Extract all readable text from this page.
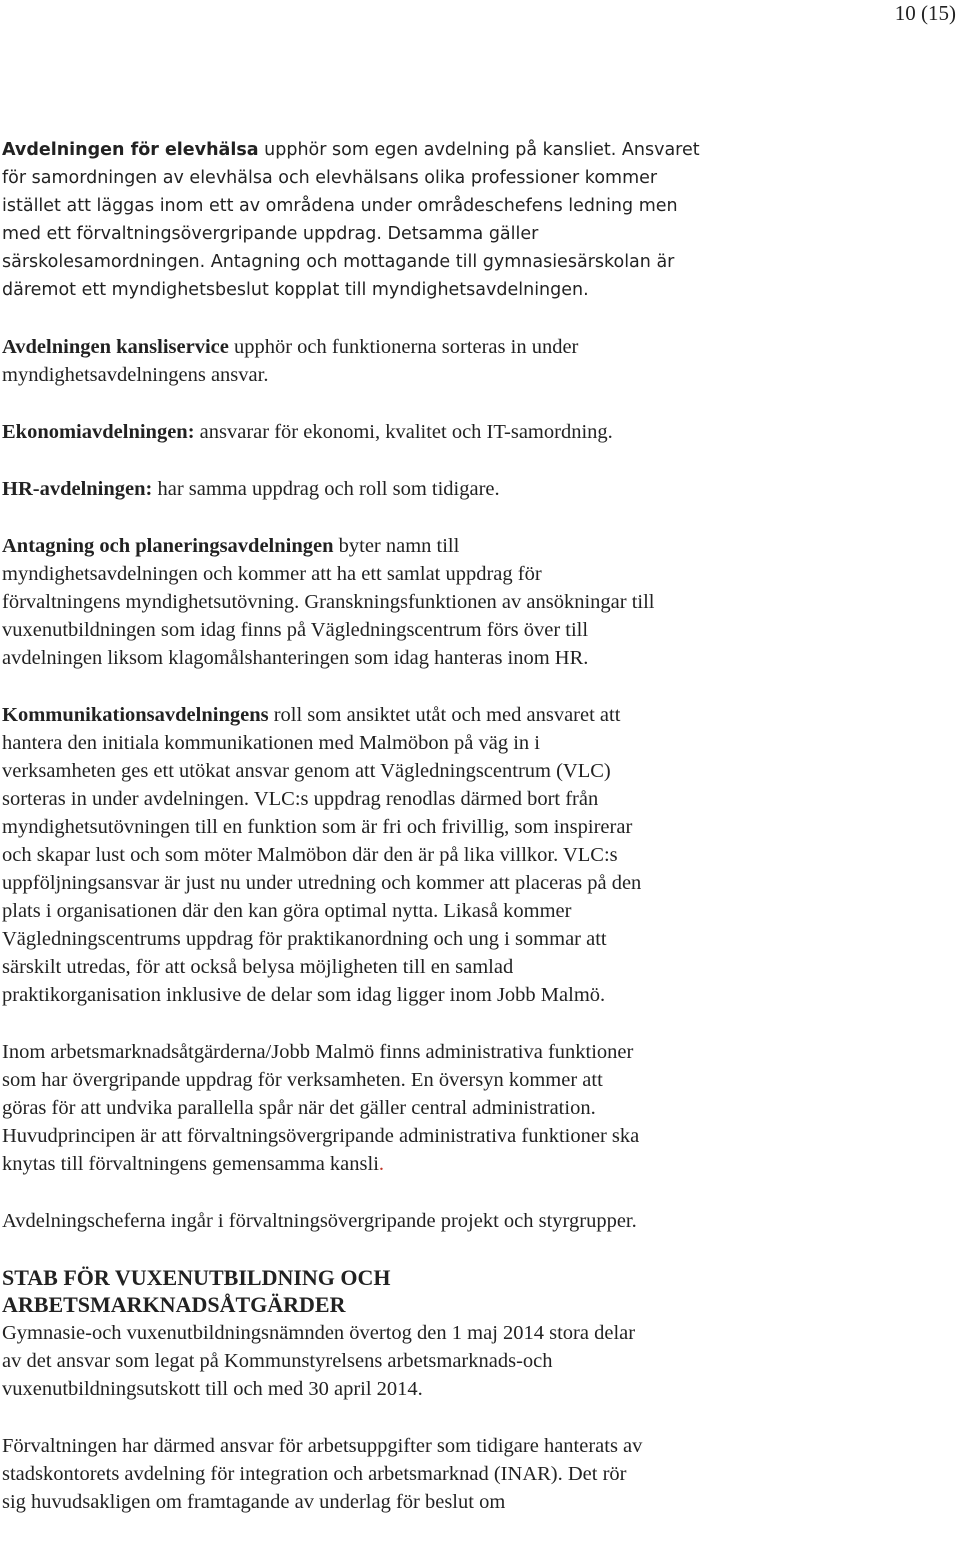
10 (15)

Avdelningen för elevhälsa upphör som egen avdelning på kansliet. Ansvaret
för samordningen av elevhälsa och elevhälsans olika professioner kommer
istället att läggas inom ett av områdena under områdeschefens ledning men
med ett förvaltningsövergripande uppdrag. Detsamma gäller
särskolesamordningen. Antagning och mottagande till gymnasiesärskolan är
däremot ett myndighetsbeslut kopplat till myndighetsavdelningen.

Avdelningen kansliservice upphör och funktionerna sorteras in under
myndighetsavdelningens ansvar.

Ekonomiavdelningen: ansvarar för ekonomi, kvalitet och IT-samordning.

HR-avdelningen: har samma uppdrag och roll som tidigare.

Antagning och planeringsavdelningen byter namn till
myndighetsavdelningen och kommer att ha ett samlat uppdrag för
förvaltningens myndighetsutövning. Granskningsfunktionen av ansökningar till
vuxenutbildningen som idag finns på Vägledningscentrum förs över till
avdelningen liksom klagomålshanteringen som idag hanteras inom HR.

Kommunikationsavdelningens roll som ansiktet utåt och med ansvaret att
hantera den initiala kommunikationen med Malmöbon på väg in i
verksamheten ges ett utökat ansvar genom att Vägledningscentrum (VLC)
sorteras in under avdelningen. VLC:s uppdrag renodlas därmed bort från
myndighetsutövningen till en funktion som är fri och frivillig, som inspirerar
och skapar lust och som möter Malmöbon där den är på lika villkor. VLC:s
uppföljningsansvar är just nu under utredning och kommer att placeras på den
plats i organisationen där den kan göra optimal nytta. Likaså kommer
Vägledningscentrums uppdrag för praktikanordning och ung i sommar att
särskilt utredas, för att också belysa möjligheten till en samlad
praktikorganisation inklusive de delar som idag ligger inom Jobb Malmö.

Inom arbetsmarknadsåtgärderna/Jobb Malmö finns administrativa funktioner
som har övergripande uppdrag för verksamheten. En översyn kommer att
göras för att undvika parallella spår när det gäller central administration.
Huvudprincipen är att förvaltningsövergripande administrativa funktioner ska
knytas till förvaltningens gemensamma kansli.

Avdelningscheferna ingår i förvaltningsövergripande projekt och styrgrupper.

STAB FÖR VUXENUTBILDNING OCH
ARBETSMARKNADSÅTGÄRDER

Gymnasie-och vuxenutbildningsnämnden övertog den 1 maj 2014 stora delar
av det ansvar som legat på Kommunstyrelsens arbetsmarknads-och
vuxenutbildningsutskott till och med 30 april 2014.

Förvaltningen har därmed ansvar för arbetsuppgifter som tidigare hanterats av
stadskontorets avdelning för integration och arbetsmarknad (INAR). Det rör
sig huvudsakligen om framtagande av underlag för beslut om
